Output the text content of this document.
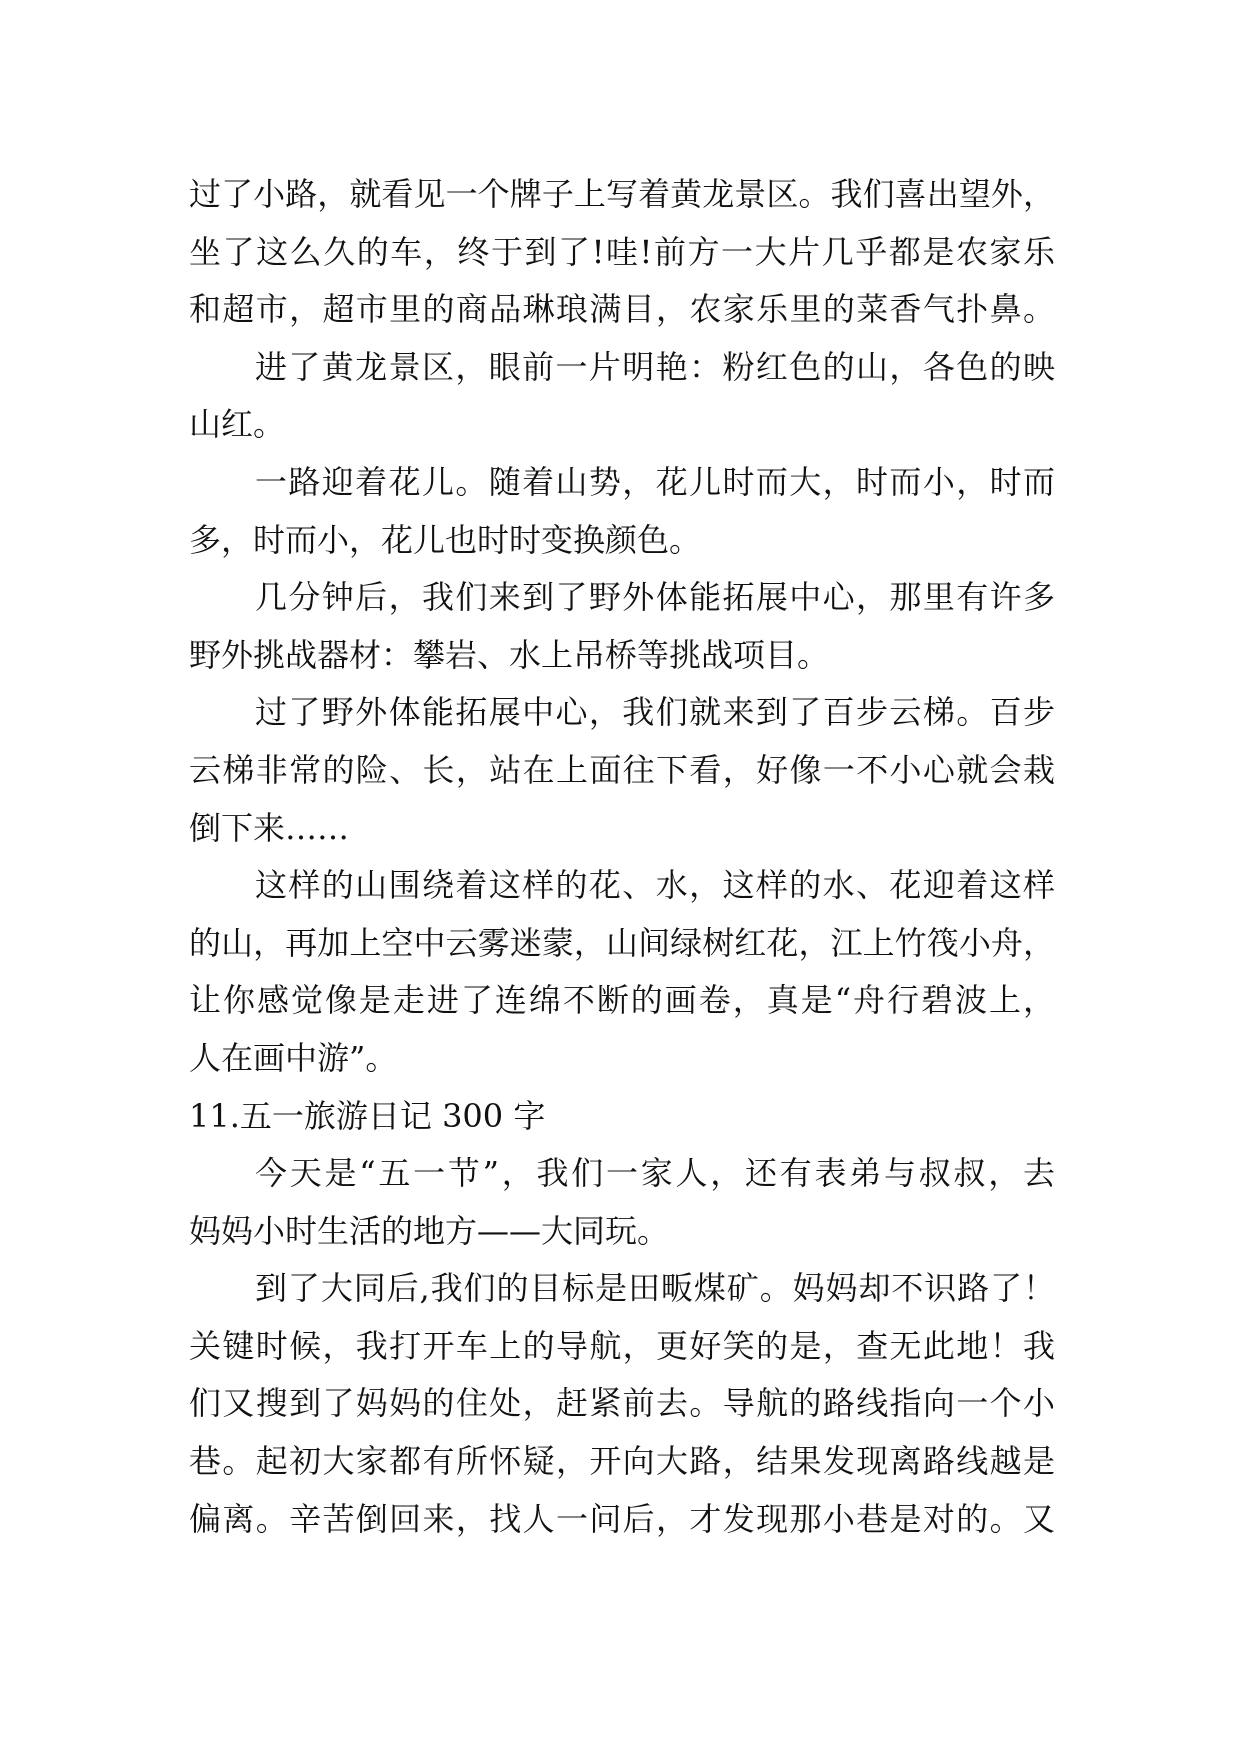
过了小路，就看见一个牌子上写着黄龙景区。我们喜出望外，
坐了这么久的车，终于到了!哇!前方一大片几乎都是农家乐
和超市，超市里的商品琳琅满目，农家乐里的菜香气扑鼻。
进了黄龙景区，眼前一片明艳：粉红色的山，各色的映
山红。
一路迎着花儿。随着山势，花儿时而大，时而小，时而
多，时而小，花儿也时时变换颜色。
几分钟后，我们来到了野外体能拓展中心，那里有许多
野外挑战器材：攀岩、水上吊桥等挑战项目。
过了野外体能拓展中心，我们就来到了百步云梯。百步
云梯非常的险、长，站在上面往下看，好像一不小心就会栽
倒下来……
这样的山围绕着这样的花、水，这样的水、花迎着这样
的山，再加上空中云雾迷蒙，山间绿树红花，江上竹筏小舟，
让你感觉像是走进了连绵不断的画卷，真是“舟行碧波上，
人在画中游”。
11.五一旅游日记 300 字
今天是“五一节”，我们一家人，还有表弟与叔叔，去
妈妈小时生活的地方——大同玩。
到了大同后,我们的目标是田畈煤矿。妈妈却不识路了！
关键时候，我打开车上的导航，更好笑的是，查无此地！我
们又搜到了妈妈的住处，赶紧前去。导航的路线指向一个小
巷。起初大家都有所怀疑，开向大路，结果发现离路线越是
偏离。辛苦倒回来，找人一问后，才发现那小巷是对的。又
